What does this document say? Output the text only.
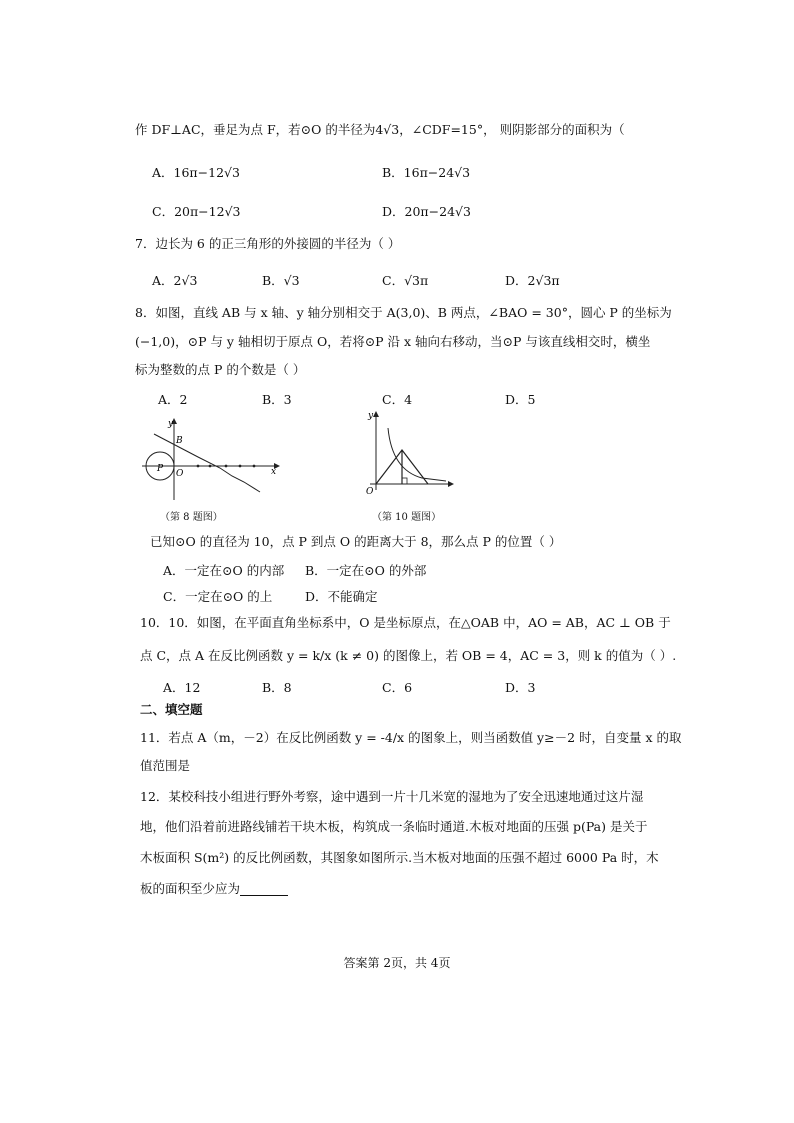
作 DF⊥AC，垂足为点 F，若⊙O 的半径为4√3，∠CDF=15°， 则阴影部分的面积为（
A．16π−12√3	B．16π−24√3
C．20π−12√3	D．20π−24√3
7．边长为 6 的正三角形的外接圆的半径为（ ）
A．2√3	B．√3	C．√3π	D．2√3π
8．如图，直线 AB 与 x 轴、y 轴分别相交于 A(3,0)、B 两点，∠BAO = 30°，圆心 P 的坐标为
(−1,0)，⊙P 与 y 轴相切于原点 O，若将⊙P 沿 x 轴向右移动，当⊙P 与该直线相交时，横坐
标为整数的点 P 的个数是（ ）
A．2	B．3	C．4	D．5
y
B
P O	x
（第 8 题图）
y
O
（第 10 题图）
已知⊙O 的直径为 10，点 P 到点 O 的距离大于 8，那么点 P 的位置（ ）
A．一定在⊙O 的内部 B．一定在⊙O 的外部
C．一定在⊙O 的上	D．不能确定
10．10．如图，在平面直角坐标系中，O 是坐标原点，在△OAB 中，AO = AB，AC ⊥ OB 于
点 C，点 A 在反比例函数 y = k/x (k ≠ 0) 的图像上，若 OB = 4，AC = 3，则 k 的值为（ ）.
A．12	B．8	C．6	D．3
二、填空题
11．若点 A（m，－2）在反比例函数 y = -4/x 的图象上，则当函数值 y≥－2 时，自变量 x 的取
值范围是
12．某校科技小组进行野外考察，途中遇到一片十几米宽的湿地为了安全迅速地通过这片湿
地，他们沿着前进路线铺若干块木板，构筑成一条临时通道.木板对地面的压强 p(Pa) 是关于
木板面积 S(m²) 的反比例函数，其图象如图所示.当木板对地面的压强不超过 6000 Pa 时，木
板的面积至少应为
答案第 2页，共 4页
